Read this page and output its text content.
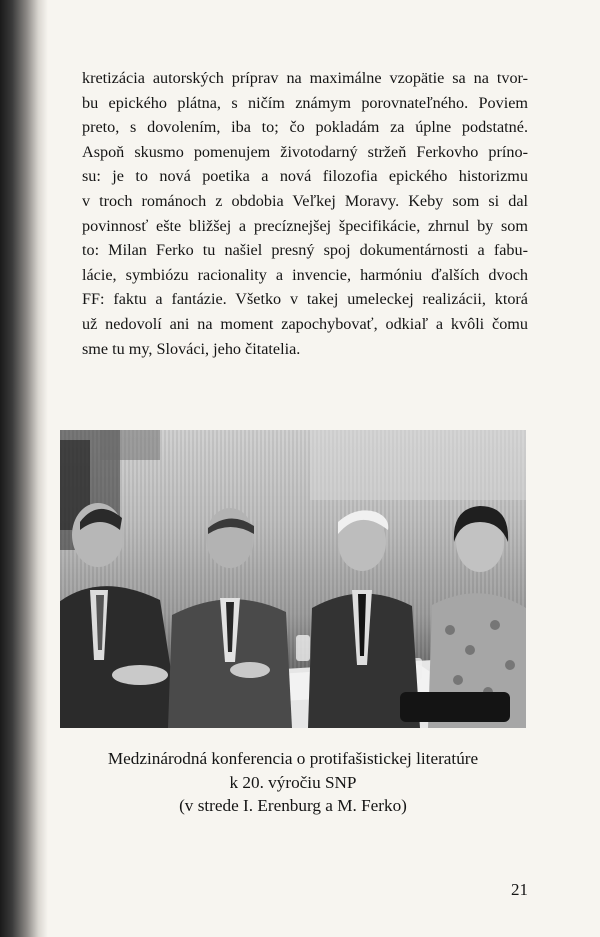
kretizácia autorských príprav na maximálne vzopätie sa na tvor-
bu epického plátna, s ničím známym porovnateľného. Poviem
preto, s dovolením, iba to; čo pokladám za úplne podstatné.
Aspoň skusmo pomenujem životodarný stržeň Ferkovho príno-
su: je to nová poetika a nová filozofia epického historizmu
v troch románoch z obdobia Veľkej Moravy. Keby som si dal
povinnosť ešte bližšej a precíznejšej špecifikácie, zhrnul by som
to: Milan Ferko tu našiel presný spoj dokumentárnosti a fabu-
lácie, symbiózu racionality a invencie, harmóniu ďalších dvoch
FF: faktu a fantázie. Všetko v takej umeleckej realizácii, ktorá
už nedovolí ani na moment zapochybovať, odkiaľ a kvôli čomu
sme tu my, Slováci, jeho čitatelia.
Medzinárodná konferencia o protifašistickej literatúre
k 20. výročiu SNP
(v strede I. Erenburg a M. Ferko)
21
